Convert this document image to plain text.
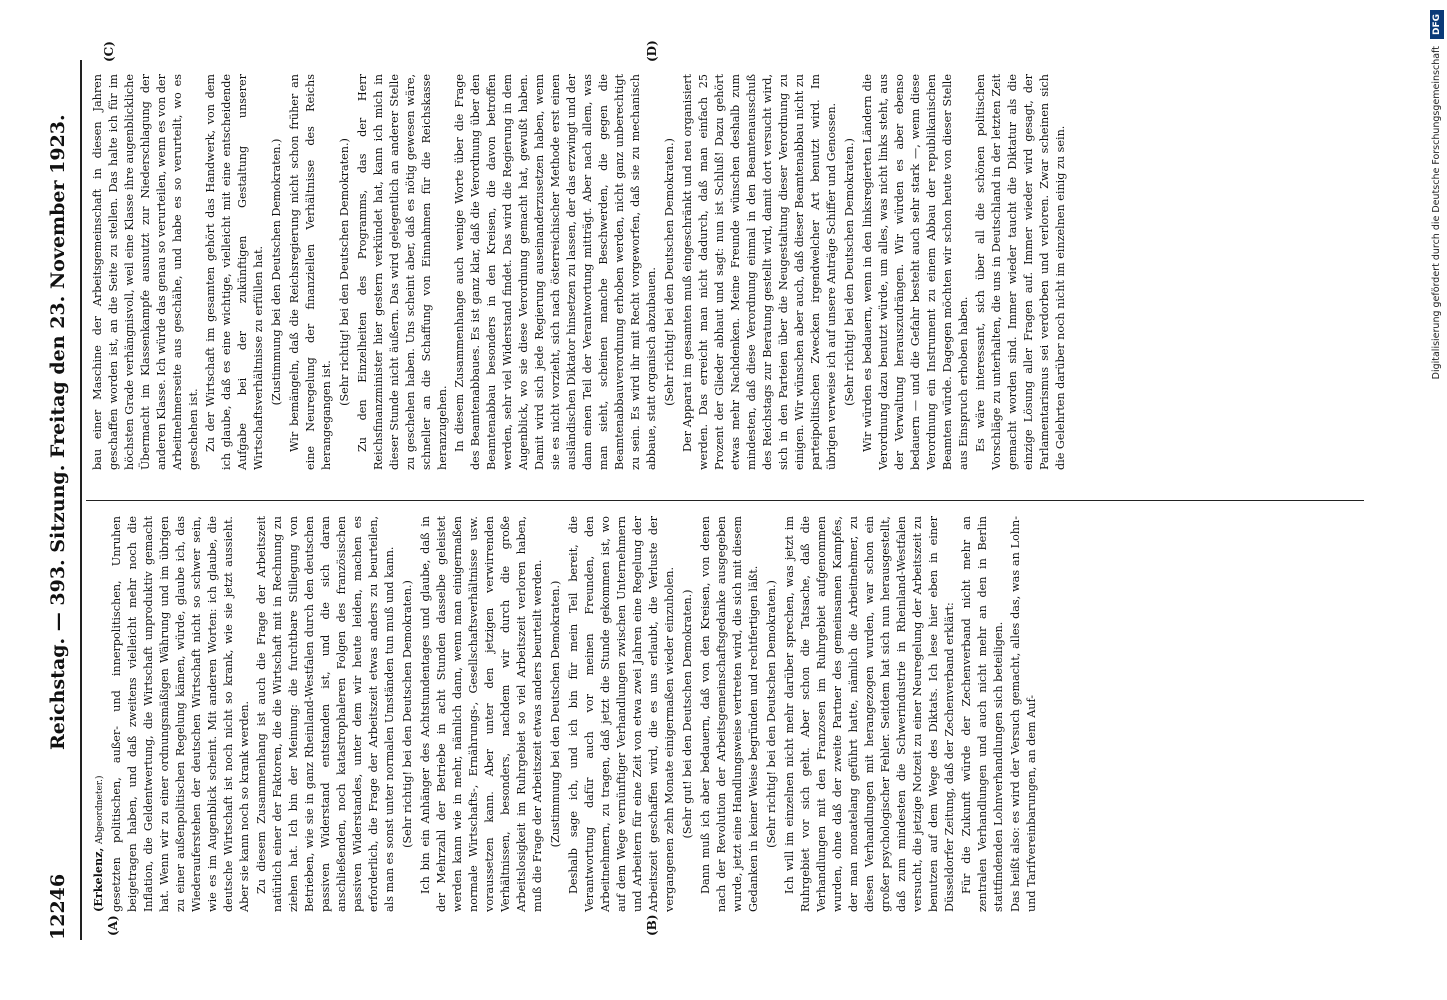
12246
Reichstag. — 393. Sitzung. Freitag den 23. November 1923.
(A)	(B)
(C)	(D)

(Erkelenz, Abgeordneter.) gesetzten politischen, außer- und innerpolitischen, Unruhen beigetragen haben, und daß zweitens vielleicht mehr noch die Inflation, die Geldentwertung, die Wirtschaft unproduktiv gemacht hat. Wenn wir zu einer ordnungsmäßigen Währung und im übrigen zu einer außenpolitischen Regelung kämen, würde, glaube ich, das Wiederauferstehen der deutschen Wirtschaft nicht so schwer sein, wie es im Augenblick scheint. Mit anderen Worten: ich glaube, die deutsche Wirtschaft ist noch nicht so krank, wie sie jetzt aussieht. Aber sie kann noch so krank werden. Zu diesem Zusammenhang ist auch die Frage der Arbeitszeit natürlich einer der Faktoren, die die Wirtschaft mit in Rechnung zu ziehen hat. Ich bin der Meinung: die furchtbare Stillegung von Betrieben, wie sie in ganz Rheinland-Westfalen durch den deutschen passiven Widerstand entstanden ist, und die sich daran anschließenden, noch katastrophaleren Folgen des französischen passiven Widerstandes, unter dem wir heute leiden, machen es erforderlich, die Frage der Arbeitszeit etwas anders zu beurteilen, als man es sonst unter normalen Umständen tun muß und kann. (Sehr richtig! bei den Deutschen Demokraten.) Ich bin ein Anhänger des Achtstundentages und glaube, daß in der Mehrzahl der Betriebe in acht Stunden dasselbe geleistet werden kann wie in mehr, nämlich dann, wenn man einigermaßen normale Wirtschafts-, Ernährungs-, Gesellschaftsverhältnisse usw. voraussetzen kann. Aber unter den jetzigen verwirrenden Verhältnissen, besonders, nachdem wir durch die große Arbeitslosigkeit im Ruhrgebiet so viel Arbeitszeit verloren haben, muß die Frage der Arbeitszeit etwas anders beurteilt werden. (Zustimmung bei den Deutschen Demokraten.) Deshalb sage ich, und ich bin für mein Teil bereit, die Verantwortung dafür auch vor meinen Freunden, den Arbeitnehmern, zu tragen, daß jetzt die Stunde gekommen ist, wo auf dem Wege vernünftiger Verhandlungen zwischen Unternehmern und Arbeitern für eine Zeit von etwa zwei Jahren eine Regelung der Arbeitszeit geschaffen wird, die es uns erlaubt, die Verluste der vergangenen zehn Monate einigermaßen wieder einzuholen. (Sehr gut! bei den Deutschen Demokraten.) Dann muß ich aber bedauern, daß von den Kreisen, von denen nach der Revolution der Arbeitsgemeinschaftsgedanke ausgegeben wurde, jetzt eine Handlungsweise vertreten wird, die sich mit diesem Gedanken in keiner Weise begründen und rechtfertigen läßt. (Sehr richtig! bei den Deutschen Demokraten.) Ich will im einzelnen nicht mehr darüber sprechen, was jetzt im Ruhrgebiet vor sich geht. Aber schon die Tatsache, daß die Verhandlungen mit den Franzosen im Ruhrgebiet aufgenommen wurden, ohne daß der zweite Partner des gemeinsamen Kampfes, der man monatelang geführt hatte, nämlich die Arbeitnehmer, zu diesen Verhandlungen mit herangezogen wurden, war schon ein großer psychologischer Fehler. Seitdem hat sich nun herausgestellt, daß zum mindesten die Schwerindustrie in Rheinland-Westfalen versucht, die jetzige Notzeit zu einer Neuregelung der Arbeitszeit zu benutzen auf dem Wege des Diktats. Ich lese hier eben in einer Düsseldorfer Zeitung, daß der Zechenverband erklärt: Für die Zukunft würde der Zechenverband nicht mehr an zentralen Verhandlungen und auch nicht mehr an den in Berlin stattfindenden Lohnverhandlungen sich beteiligen. Das heißt also: es wird der Versuch gemacht, alles das, was an Lohn- und Tarifvereinbarungen, an dem Auf-

bau einer Maschine der Arbeitsgemeinschaft in diesen Jahren geschaffen worden ist, an die Seite zu stellen. Das halte ich für im höchsten Grade verhängnisvoll, weil eine Klasse ihre augenblickliche Übermacht im Klassenkampfe ausnutzt zur Niederschlagung der anderen Klasse. Ich würde das genau so verurteilen, wenn es von der Arbeitnehmerseite aus geschähe, und habe es so verurteilt, wo es geschehen ist. Zu der Wirtschaft im gesamten gehört das Handwerk, von dem ich glaube, daß es eine wichtige, vielleicht mit eine entscheidende Aufgabe bei der zukünftigen Gestaltung unserer Wirtschaftsverhältnisse zu erfüllen hat. (Zustimmung bei den Deutschen Demokraten.) Wir bemängeln, daß die Reichsregierung nicht schon früher an eine Neuregelung der finanziellen Verhältnisse des Reichs herangegangen ist.

(Sehr richtig! bei den Deutschen Demokraten.) Zu den Einzelheiten des Programms, das der Herr Reichsfinanzminister hier gestern verkündet hat, kann ich mich in dieser Stunde nicht äußern. Das wird gelegentlich an anderer Stelle zu geschehen haben. Uns scheint aber, daß es nötig gewesen wäre, schneller an die Schaffung von Einnahmen für die Reichskasse heranzugehen. In diesem Zusammenhange auch wenige Worte über die Frage des Beamtenabbaues. Es ist ganz klar, daß die Verordnung über den Beamtenabbau besonders in den Kreisen, die davon betroffen werden, sehr viel Widerstand findet. Das wird die Regierung in dem Augenblick, wo sie diese Verordnung gemacht hat, gewußt haben. Damit wird sich jede Regierung auseinanderzusetzen haben, wenn sie es nicht vorzieht, sich nach österreichischer Methode erst einen ausländischen Diktator hinsetzen zu lassen, der das erzwingt und der dann einen Teil der Verantwortung mitträgt. Aber nach allem, was man sieht, scheinen manche Beschwerden, die gegen die Beamtenabbauverordnung erhoben werden, nicht ganz unberechtigt zu sein. Es wird ihr mit Recht vorgeworfen, daß sie zu mechanisch abbaue, statt organisch abzubauen. (Sehr richtig! bei den Deutschen Demokraten.) Der Apparat im gesamten muß eingeschränkt und neu organisiert werden. Das erreicht man nicht dadurch, daß man einfach 25 Prozent der Glieder abhaut und sagt: nun ist Schluß! Dazu gehört etwas mehr Nachdenken. Meine Freunde wünschen deshalb zum mindesten, daß diese Verordnung einmal in den Beamtenausschuß des Reichstags zur Beratung gestellt wird, damit dort versucht wird, sich in den Parteien über die Neugestaltung dieser Verordnung zu einigen. Wir wünschen aber auch, daß dieser Beamtenabbau nicht zu parteipolitischen Zwecken irgendwelcher Art benutzt wird. Im übrigen verweise ich auf unsere Anträge Schiffer und Genossen. (Sehr richtig! bei den Deutschen Demokraten.) Wir würden es bedauern, wenn in den linksregierten Ländern die Verordnung dazu benutzt würde, um alles, was nicht links steht, aus der Verwaltung herauszudrängen. Wir würden es aber ebenso bedauern — und die Gefahr besteht auch sehr stark —, wenn diese Verordnung ein Instrument zu einem Abbau der republikanischen Beamten würde. Dagegen möchten wir schon heute von dieser Stelle aus Einspruch erhoben haben. Es wäre interessant, sich über all die schönen politischen Vorschläge zu unterhalten, die uns in Deutschland in der letzten Zeit gemacht worden sind. Immer wieder taucht die Diktatur als die einzige Lösung aller Fragen auf. Immer wieder wird gesagt, der Parlamentarismus sei verdorben und verloren. Zwar scheinen sich die Gelehrten darüber noch nicht im einzelnen einig zu sein.	Digitalisierung gefördert durch die Deutsche Forschungsgemeinschaft DFG
